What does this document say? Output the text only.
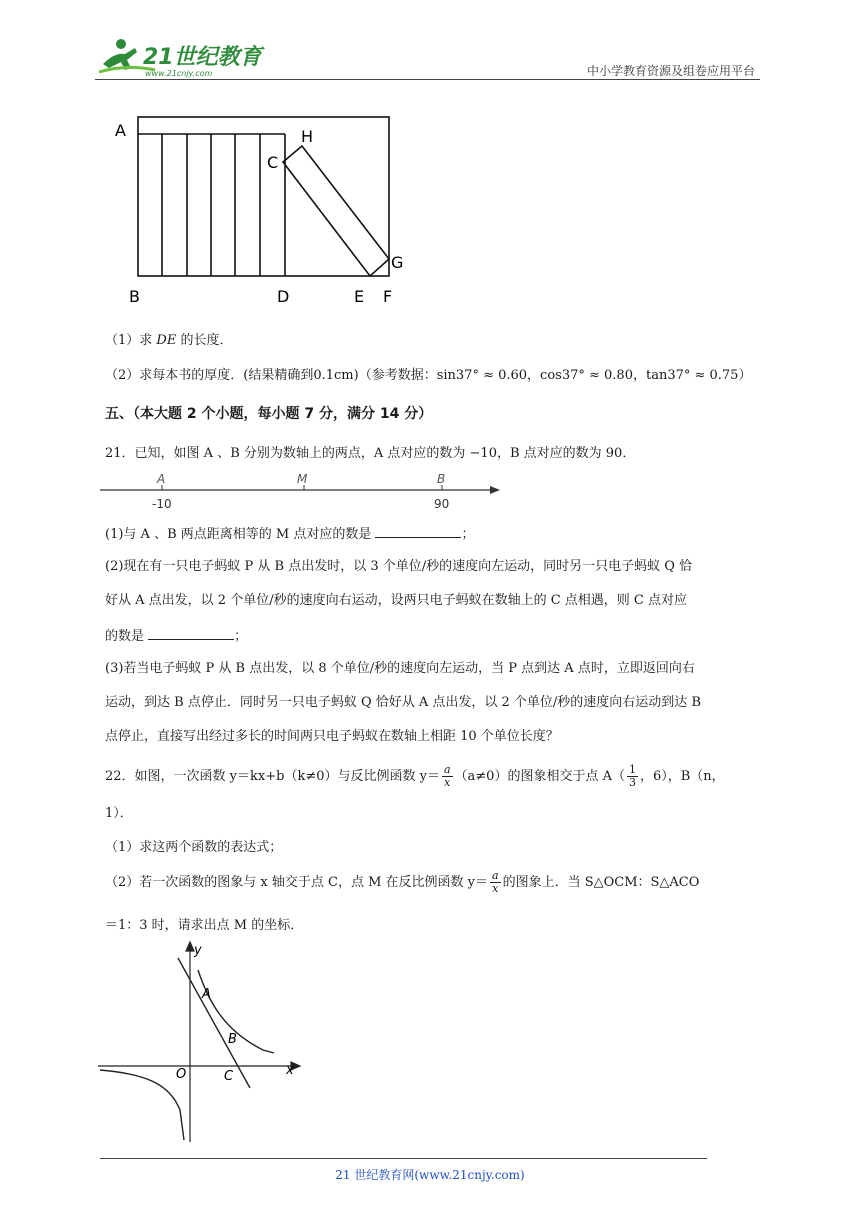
21世纪教育
www.21cnjy.com	中小学教育资源及组卷应用平台
A	H
C
G
B	D	E F
（1）求 DE 的长度．
（2）求每本书的厚度．(结果精确到0.1cm)（参考数据：sin37° ≈ 0.60，cos37° ≈ 0.80，tan37° ≈ 0.75）
五、（本大题 2 个小题，每小题 7 分，满分 14 分）
21．已知，如图 A 、B 分别为数轴上的两点，A 点对应的数为 −10，B 点对应的数为 90．
A	M	B
-10	90
(1)与 A 、B 两点距离相等的 M 点对应的数是	；
(2)现在有一只电子蚂蚁 P 从 B 点出发时，以 3 个单位/秒的速度向左运动，同时另一只电子蚂蚁 Q 恰
好从 A 点出发，以 2 个单位/秒的速度向右运动，设两只电子蚂蚁在数轴上的 C 点相遇，则 C 点对应
的数是	；
(3)若当电子蚂蚁 P 从 B 点出发，以 8 个单位/秒的速度向左运动，当 P 点到达 A 点时，立即返回向右
运动，到达 B 点停止．同时另一只电子蚂蚁 Q 恰好从 A 点出发，以 2 个单位/秒的速度向右运动到达 B
点停止，直接写出经过多长的时间两只电子蚂蚁在数轴上相距 10 个单位长度？
22．如图，一次函数 y＝kx+b（k≠0）与反比例函数 $y= \frac{a}{x} (a\ne 0)$的图象相交于点 $A( \frac{1}{3}$ ，6），B（n，
1）．
（1）求这两个函数的表达式；
（2）若一次函数的图象与 x 轴交于点 C，点 M 在反比例函数 $y= \frac{a}{x}$ 的图象上．当 S△OCM：S△ACO
＝1：3 时，请求出点 M 的坐标．
y
x
A
B
O	C
21 世纪教育网(www.21cnjy.com)
